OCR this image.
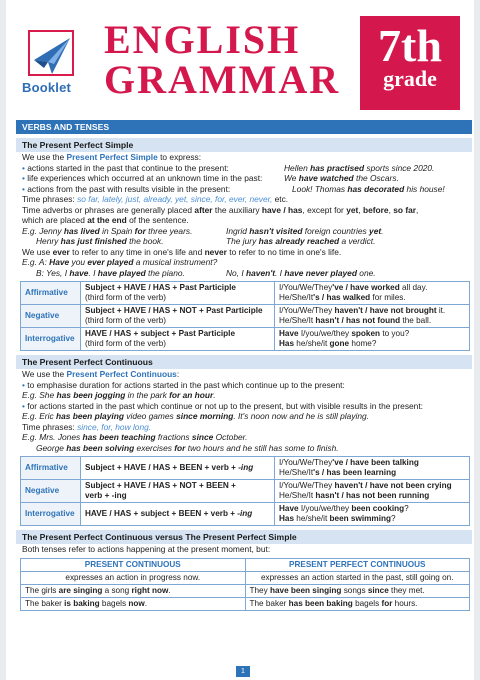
Booklet
ENGLISH
GRAMMAR
7th
grade
VERBS AND TENSES
The Present Perfect Simple
We use the Present Perfect Simple to express:
• actions started in the past that continue to the present:	Hellen has practised sports since 2020.
• life experiences which occurred at an unknown time in the past:	We have watched the Oscars.
• actions from the past with results visible in the present:	Look! Thomas has decorated his house!
Time phrases: so far, lately, just, already, yet, since, for, ever, never, etc.
Time adverbs or phrases are generally placed after the auxiliary have / has, except for yet, before, so far,
which are placed at the end of the sentence.
E.g. Jenny has lived in Spain for three years.	Ingrid hasn't visited foreign countries yet.
Henry has just finished the book.	The jury has already reached a verdict.
We use ever to refer to any time in one's life and never to refer to no time in one's life.
E.g. A: Have you ever played a musical instrument?
B: Yes, I have. I have played the piano.	No, I haven't. I have never played one.
Affirmative	Subject + HAVE / HAS + Past Participle
(third form of the verb)	I/You/We/They've / have worked all day.
He/She/It's / has walked for miles.
Negative	Subject + HAVE / HAS + NOT + Past Participle
(third form of the verb)	I/You/We/They haven't / have not brought it.
He/She/It hasn't / has not found the ball.
Interrogative	HAVE / HAS + subject + Past Participle
(third form of the verb)	Have I/you/we/they spoken to you?
Has he/she/it gone home?
The Present Perfect Continuous
We use the Present Perfect Continuous:
• to emphasise duration for actions started in the past which continue up to the present:
E.g. She has been jogging in the park for an hour.
• for actions started in the past which continue or not up to the present, but with visible results in the present:
E.g. Eric has been playing video games since morning. It's noon now and he is still playing.
Time phrases: since, for, how long.
E.g. Mrs. Jones has been teaching fractions since October.
George has been solving exercises for two hours and he still has some to finish.
Affirmative	Subject + HAVE / HAS + BEEN + verb + -ing	I/You/We/They've / have been talking
He/She/It's / has been learning
Negative	Subject + HAVE / HAS + NOT + BEEN +
verb + -ing	I/You/We/They haven't / have not been crying
He/She/It hasn't / has not been running
Interrogative	HAVE / HAS + subject + BEEN + verb + -ing	Have I/you/we/they been cooking?
Has he/she/it been swimming?
The Present Perfect Continuous versus The Present Perfect Simple
Both tenses refer to actions happening at the present moment, but:
PRESENT CONTINUOUS	PRESENT PERFECT CONTINUOUS
expresses an action in progress now.	expresses an action started in the past, still going on.
The girls are singing a song right now.	They have been singing songs since they met.
The baker is baking bagels now.	The baker has been baking bagels for hours.
1
